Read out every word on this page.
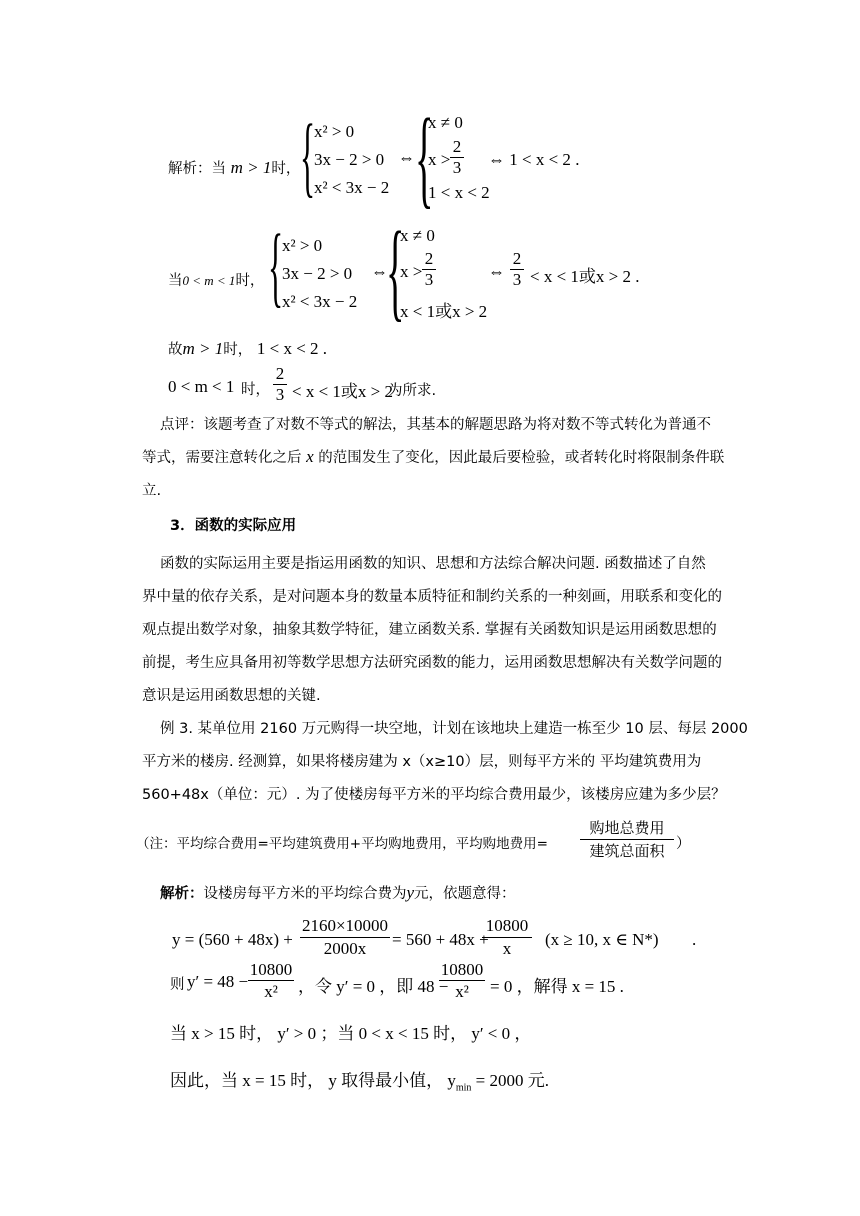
解析：当 m > 1时， {
x² > 0
3x − 2 > 0
x² < 3x − 2
⇔ {
x ≠ 0
x >
2
3
1 < x < 2
⇔ 1 < x < 2 .
当0 < m < 1时， {
x² > 0
3x − 2 > 0
x² < 3x − 2
⇔
{
x ≠ 0
x >
2
3
x < 1或x > 2
⇔
2
3 < x < 1或x > 2 .
故m > 1时， 1 < x < 2 .
0 < m < 1 时，
2
3 < x < 1或x > 2
为所求.
点评：该题考查了对数不等式的解法，其基本的解题思路为将对数不等式转化为普通不
等式，需要注意转化之后 x 的范围发生了变化，因此最后要检验，或者转化时将限制条件联
立.
3．函数的实际应用
函数的实际运用主要是指运用函数的知识、思想和方法综合解决问题. 函数描述了自然
界中量的依存关系，是对问题本身的数量本质特征和制约关系的一种刻画，用联系和变化的
观点提出数学对象，抽象其数学特征，建立函数关系. 掌握有关函数知识是运用函数思想的
前提，考生应具备用初等数学思想方法研究函数的能力，运用函数思想解决有关数学问题的
意识是运用函数思想的关键.
例 3. 某单位用 2160 万元购得一块空地，计划在该地块上建造一栋至少 10 层、每层 2000
平方米的楼房. 经测算，如果将楼房建为 x（x≥10）层，则每平方米的 平均建筑费用为
560+48x（单位：元）. 为了使楼房每平方米的平均综合费用最少，该楼房应建为多少层？
（注：平均综合费用=平均建筑费用+平均购地费用，平均购地费用=
购地总费用
建筑总面积 ）
解析：设楼房每平方米的平均综合费为y元，依题意得：
y = (560 + 48x) +
2160×10000
2000x	= 560 + 48x +
10800
x	(x ≥ 10, x ∈ N*) .
则 y′ = 48 −
10800
x²	，令 y′ = 0 ，即 48 −
10800
x²	= 0 ，解得 x = 15 .
当 x > 15 时， y′ > 0 ；当 0 < x < 15 时， y′ < 0 ，
因此，当 x = 15 时， y 取得最小值， $y_{min} = 2000$ 元.
